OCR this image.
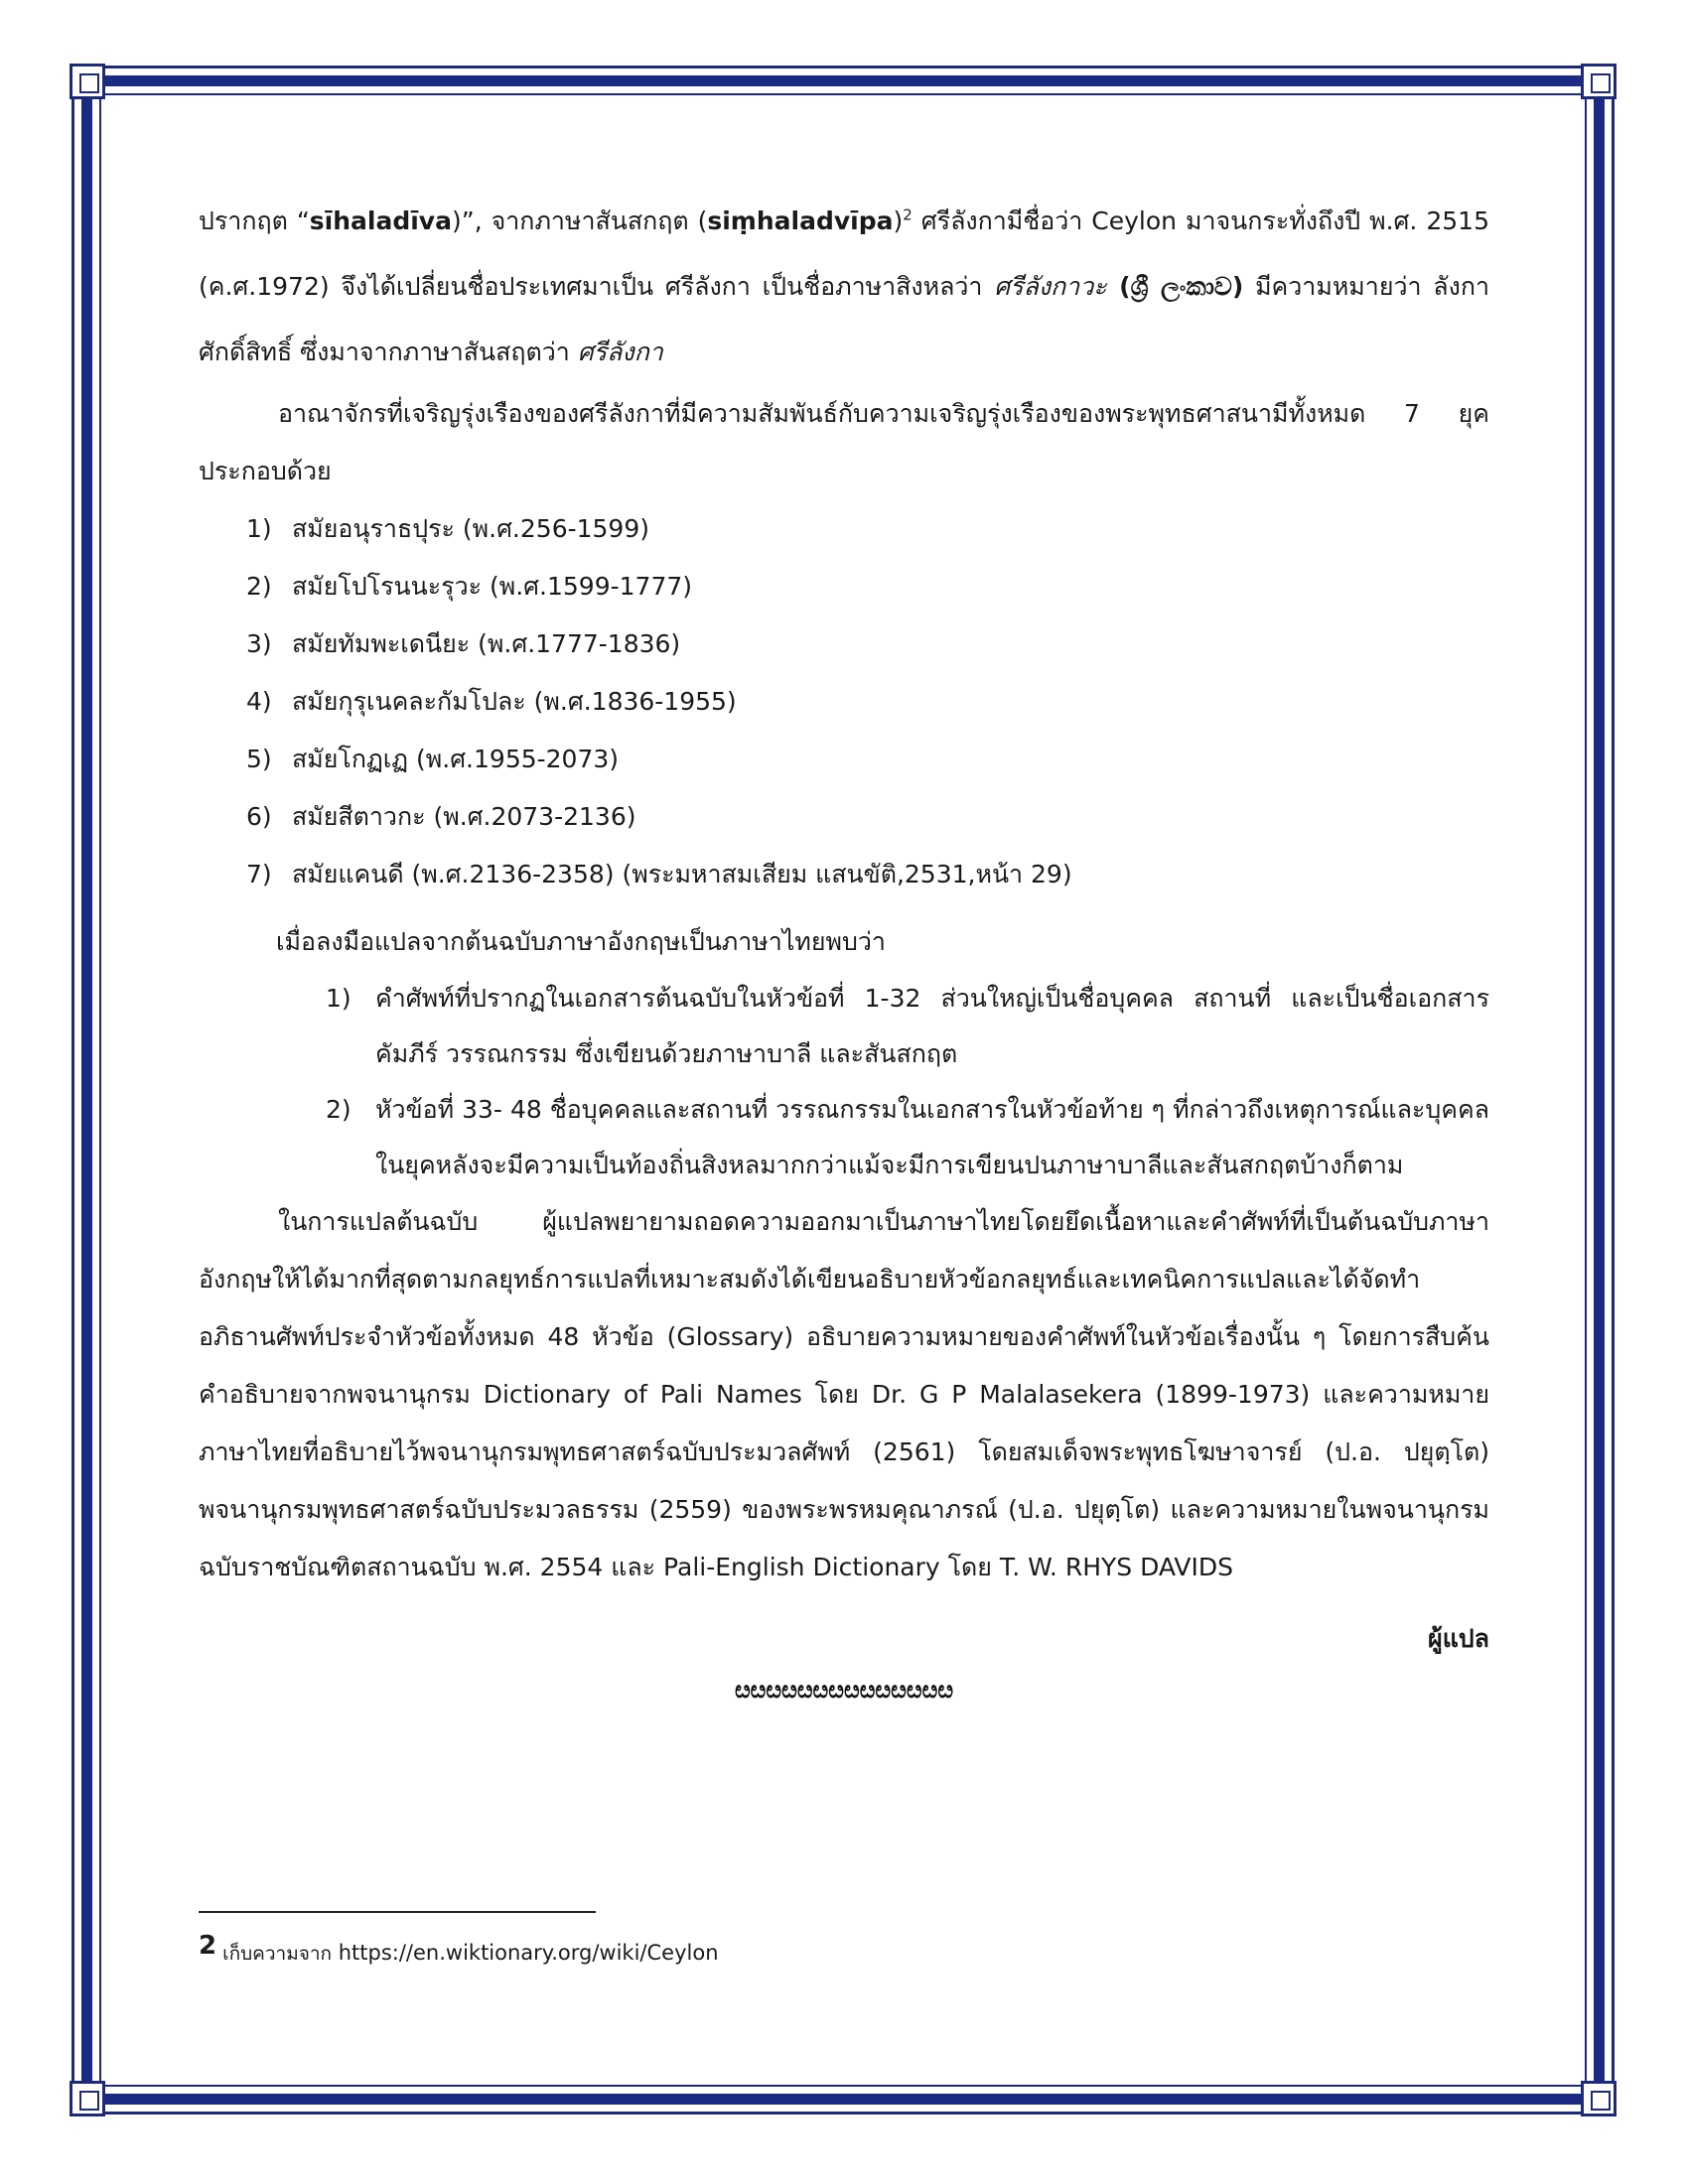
ปรากฤต “sīhaladīva)”, จากภาษาสันสกฤต (siṃhaladvīpa)$^2$ ศรีลังกามีชื่อว่า Ceylon มาจนกระทั่งถึงปี พ.ศ. 2515 (ค.ศ.1972) จึงได้เปลี่ยนชื่อประเทศมาเป็น ศรีลังกา เป็นชื่อภาษาสิงหลว่า ศรีลังกาวะ (ශ්‍රී ලංකාව) มีความหมายว่า ลังกาศักดิ์สิทธิ์ ซึ่งมาจากภาษาสันสฤตว่า ศรีลังกา

อาณาจักรที่เจริญรุ่งเรืองของศรีลังกาที่มีความสัมพันธ์กับความเจริญรุ่งเรืองของพระพุทธศาสนามีทั้งหมด 7 ยุคประกอบด้วย

1) สมัยอนุราธปุระ (พ.ศ.256-1599)
2) สมัยโปโรนนะรุวะ (พ.ศ.1599-1777)
3) สมัยทัมพะเดนียะ (พ.ศ.1777-1836)
4) สมัยกุรุเนคละกัมโปละ (พ.ศ.1836-1955)
5) สมัยโกฏเฏ (พ.ศ.1955-2073)
6) สมัยสีตาวกะ (พ.ศ.2073-2136)
7) สมัยแคนดี (พ.ศ.2136-2358) (พระมหาสมเสียม แสนขัติ,2531,หน้า 29)

เมื่อลงมือแปลจากต้นฉบับภาษาอังกฤษเป็นภาษาไทยพบว่า

1) คำศัพท์ที่ปรากฏในเอกสารต้นฉบับในหัวข้อที่ 1-32 ส่วนใหญ่เป็นชื่อบุคคล สถานที่ และเป็นชื่อเอกสารคัมภีร์ วรรณกรรม ซึ่งเขียนด้วยภาษาบาลี และสันสกฤต
2) หัวข้อที่ 33- 48 ชื่อบุคคลและสถานที่ วรรณกรรมในเอกสารในหัวข้อท้าย ๆ ที่กล่าวถึงเหตุการณ์และบุคคลในยุคหลังจะมีความเป็นท้องถิ่นสิงหลมากกว่าแม้จะมีการเขียนปนภาษาบาลีและสันสกฤตบ้างก็ตาม

ในการแปลต้นฉบับ ผู้แปลพยายามถอดความออกมาเป็นภาษาไทยโดยยึดเนื้อหาและคำศัพท์ที่เป็นต้นฉบับภาษาอังกฤษให้ได้มากที่สุดตามกลยุทธ์การแปลที่เหมาะสมดังได้เขียนอธิบายหัวข้อกลยุทธ์และเทคนิคการแปลและได้จัดทำอภิธานศัพท์ประจำหัวข้อทั้งหมด 48 หัวข้อ (Glossary) อธิบายความหมายของคำศัพท์ในหัวข้อเรื่องนั้น ๆ โดยการสืบค้นคำอธิบายจากพจนานุกรม Dictionary of Pali Names โดย Dr. G P Malalasekera (1899-1973) และความหมายภาษาไทยที่อธิบายไว้พจนานุกรมพุทธศาสตร์ฉบับประมวลศัพท์ (2561) โดยสมเด็จพระพุทธโฆษาจารย์ (ป.อ. ปยุตฺโต) พจนานุกรมพุทธศาสตร์ฉบับประมวลธรรม (2559) ของพระพรหมคุณาภรณ์ (ป.อ. ปยุตฺโต) และความหมายในพจนานุกรมฉบับราชบัณฑิตสถานฉบับ พ.ศ. 2554 และ Pali-English Dictionary โดย T. W. RHYS DAVIDS

ผู้แปล
ೞೞೞೞೞೞೞೞೞೞೞೞೞೞ
2 เก็บความจาก https://en.wiktionary.org/wiki/Ceylon
